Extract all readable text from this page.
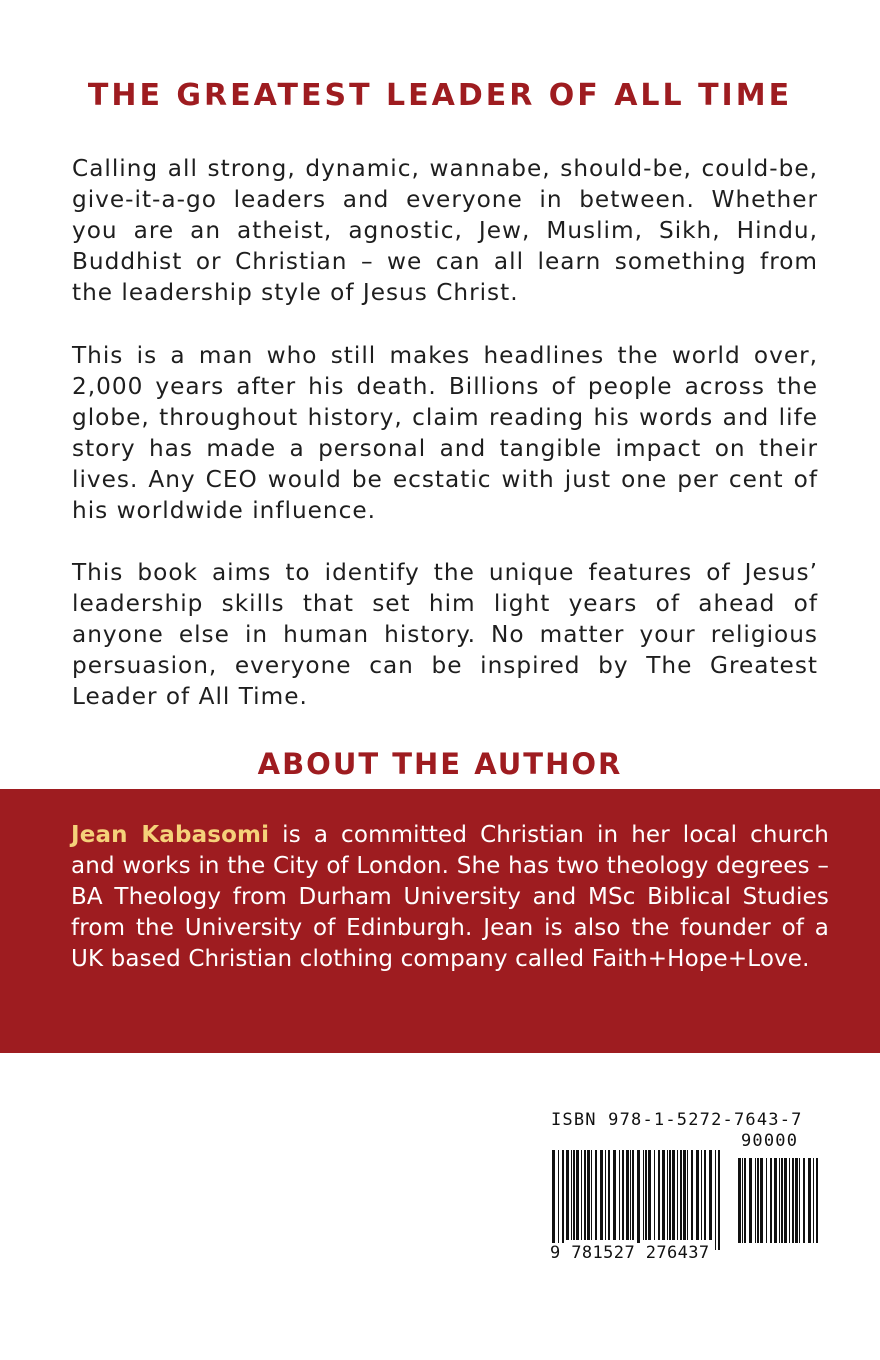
THE GREATEST LEADER OF ALL TIME

Calling all strong, dynamic, wannabe, should-be, could-be, give-it-a-go leaders and everyone in between. Whether you are an atheist, agnostic, Jew, Muslim, Sikh, Hindu, Buddhist or Christian – we can all learn something from the leadership style of Jesus Christ.

This is a man who still makes headlines the world over, 2,000 years after his death. Billions of people across the globe, throughout history, claim reading his words and life story has made a personal and tangible impact on their lives. Any CEO would be ecstatic with just one per cent of his worldwide influence.

This book aims to identify the unique features of Jesus’ leadership skills that set him light years of ahead of anyone else in human history. No matter your religious persuasion, everyone can be inspired by The Greatest Leader of All Time.

ABOUT THE AUTHOR

Jean Kabasomi is a committed Christian in her local church and works in the City of London. She has two theology degrees – BA Theology from Durham University and MSc Biblical Studies from the University of Edinburgh. Jean is also the founder of a UK based Christian clothing company called Faith+Hope+Love.

ISBN 978-1-5272-7643-7
90000
9 781527 276437
